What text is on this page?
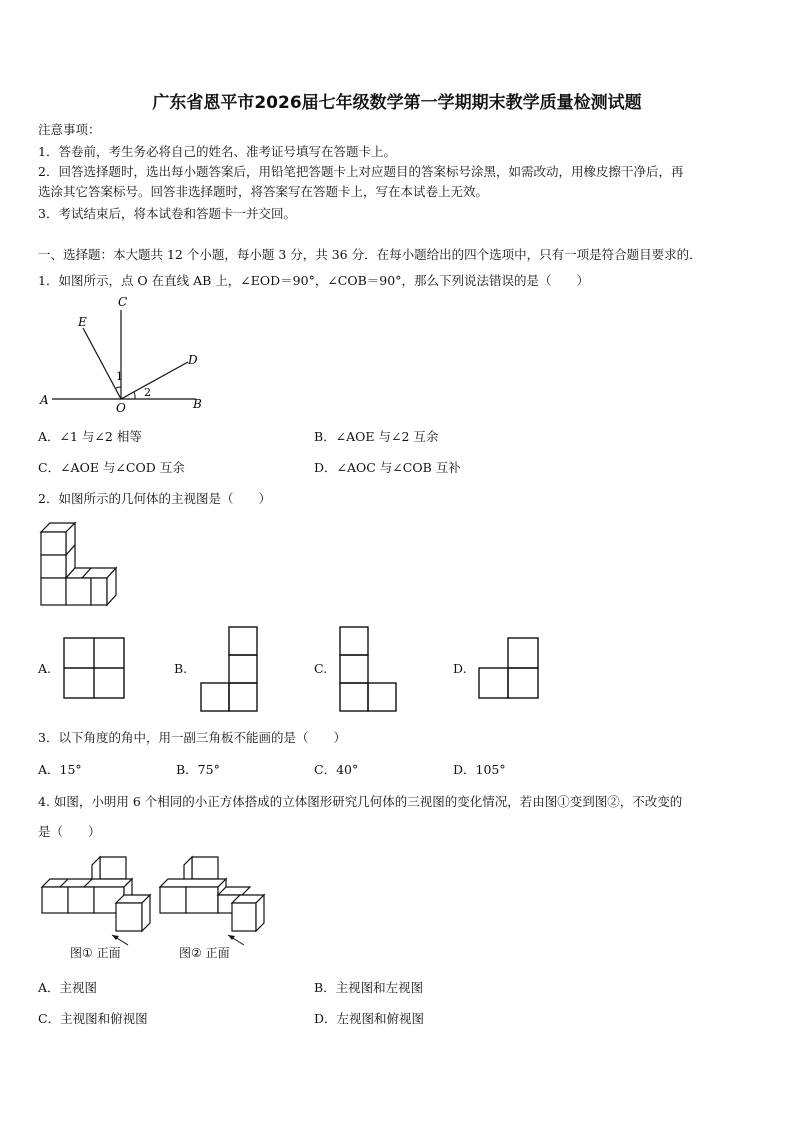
广东省恩平市2026届七年级数学第一学期期末教学质量检测试题
注意事项：
1．答卷前，考生务必将自己的姓名、准考证号填写在答题卡上。
2．回答选择题时，选出每小题答案后，用铅笔把答题卡上对应题目的答案标号涂黑，如需改动，用橡皮擦干净后，再
选涂其它答案标号。回答非选择题时，将答案写在答题卡上，写在本试卷上无效。
3．考试结束后，将本试卷和答题卡一并交回。
一、选择题：本大题共 12 个小题，每小题 3 分，共 36 分．在每小题给出的四个选项中，只有一项是符合题目要求的．
1．如图所示，点 O 在直线 AB 上，∠EOD＝90°，∠COB＝90°，那么下列说法错误的是（　　）
A	B
C
D
E
O
1
2
A．∠1 与∠2 相等	B．∠AOE 与∠2 互余
C．∠AOE 与∠COD 互余	D．∠AOC 与∠COB 互补
2．如图所示的几何体的主视图是（　　）
A.	B.	C.	D.
3．以下角度的角中，用一副三角板不能画的是（　　）
A．15°	B．75°	C．40°	D．105°
4. 如图，小明用 6 个相同的小正方体搭成的立体图形研究几何体的三视图的变化情况，若由图①变到图②，不改变的
是（　　）
图① 正面	图② 正面
A．主视图	B．主视图和左视图
C．主视图和俯视图	D．左视图和俯视图
